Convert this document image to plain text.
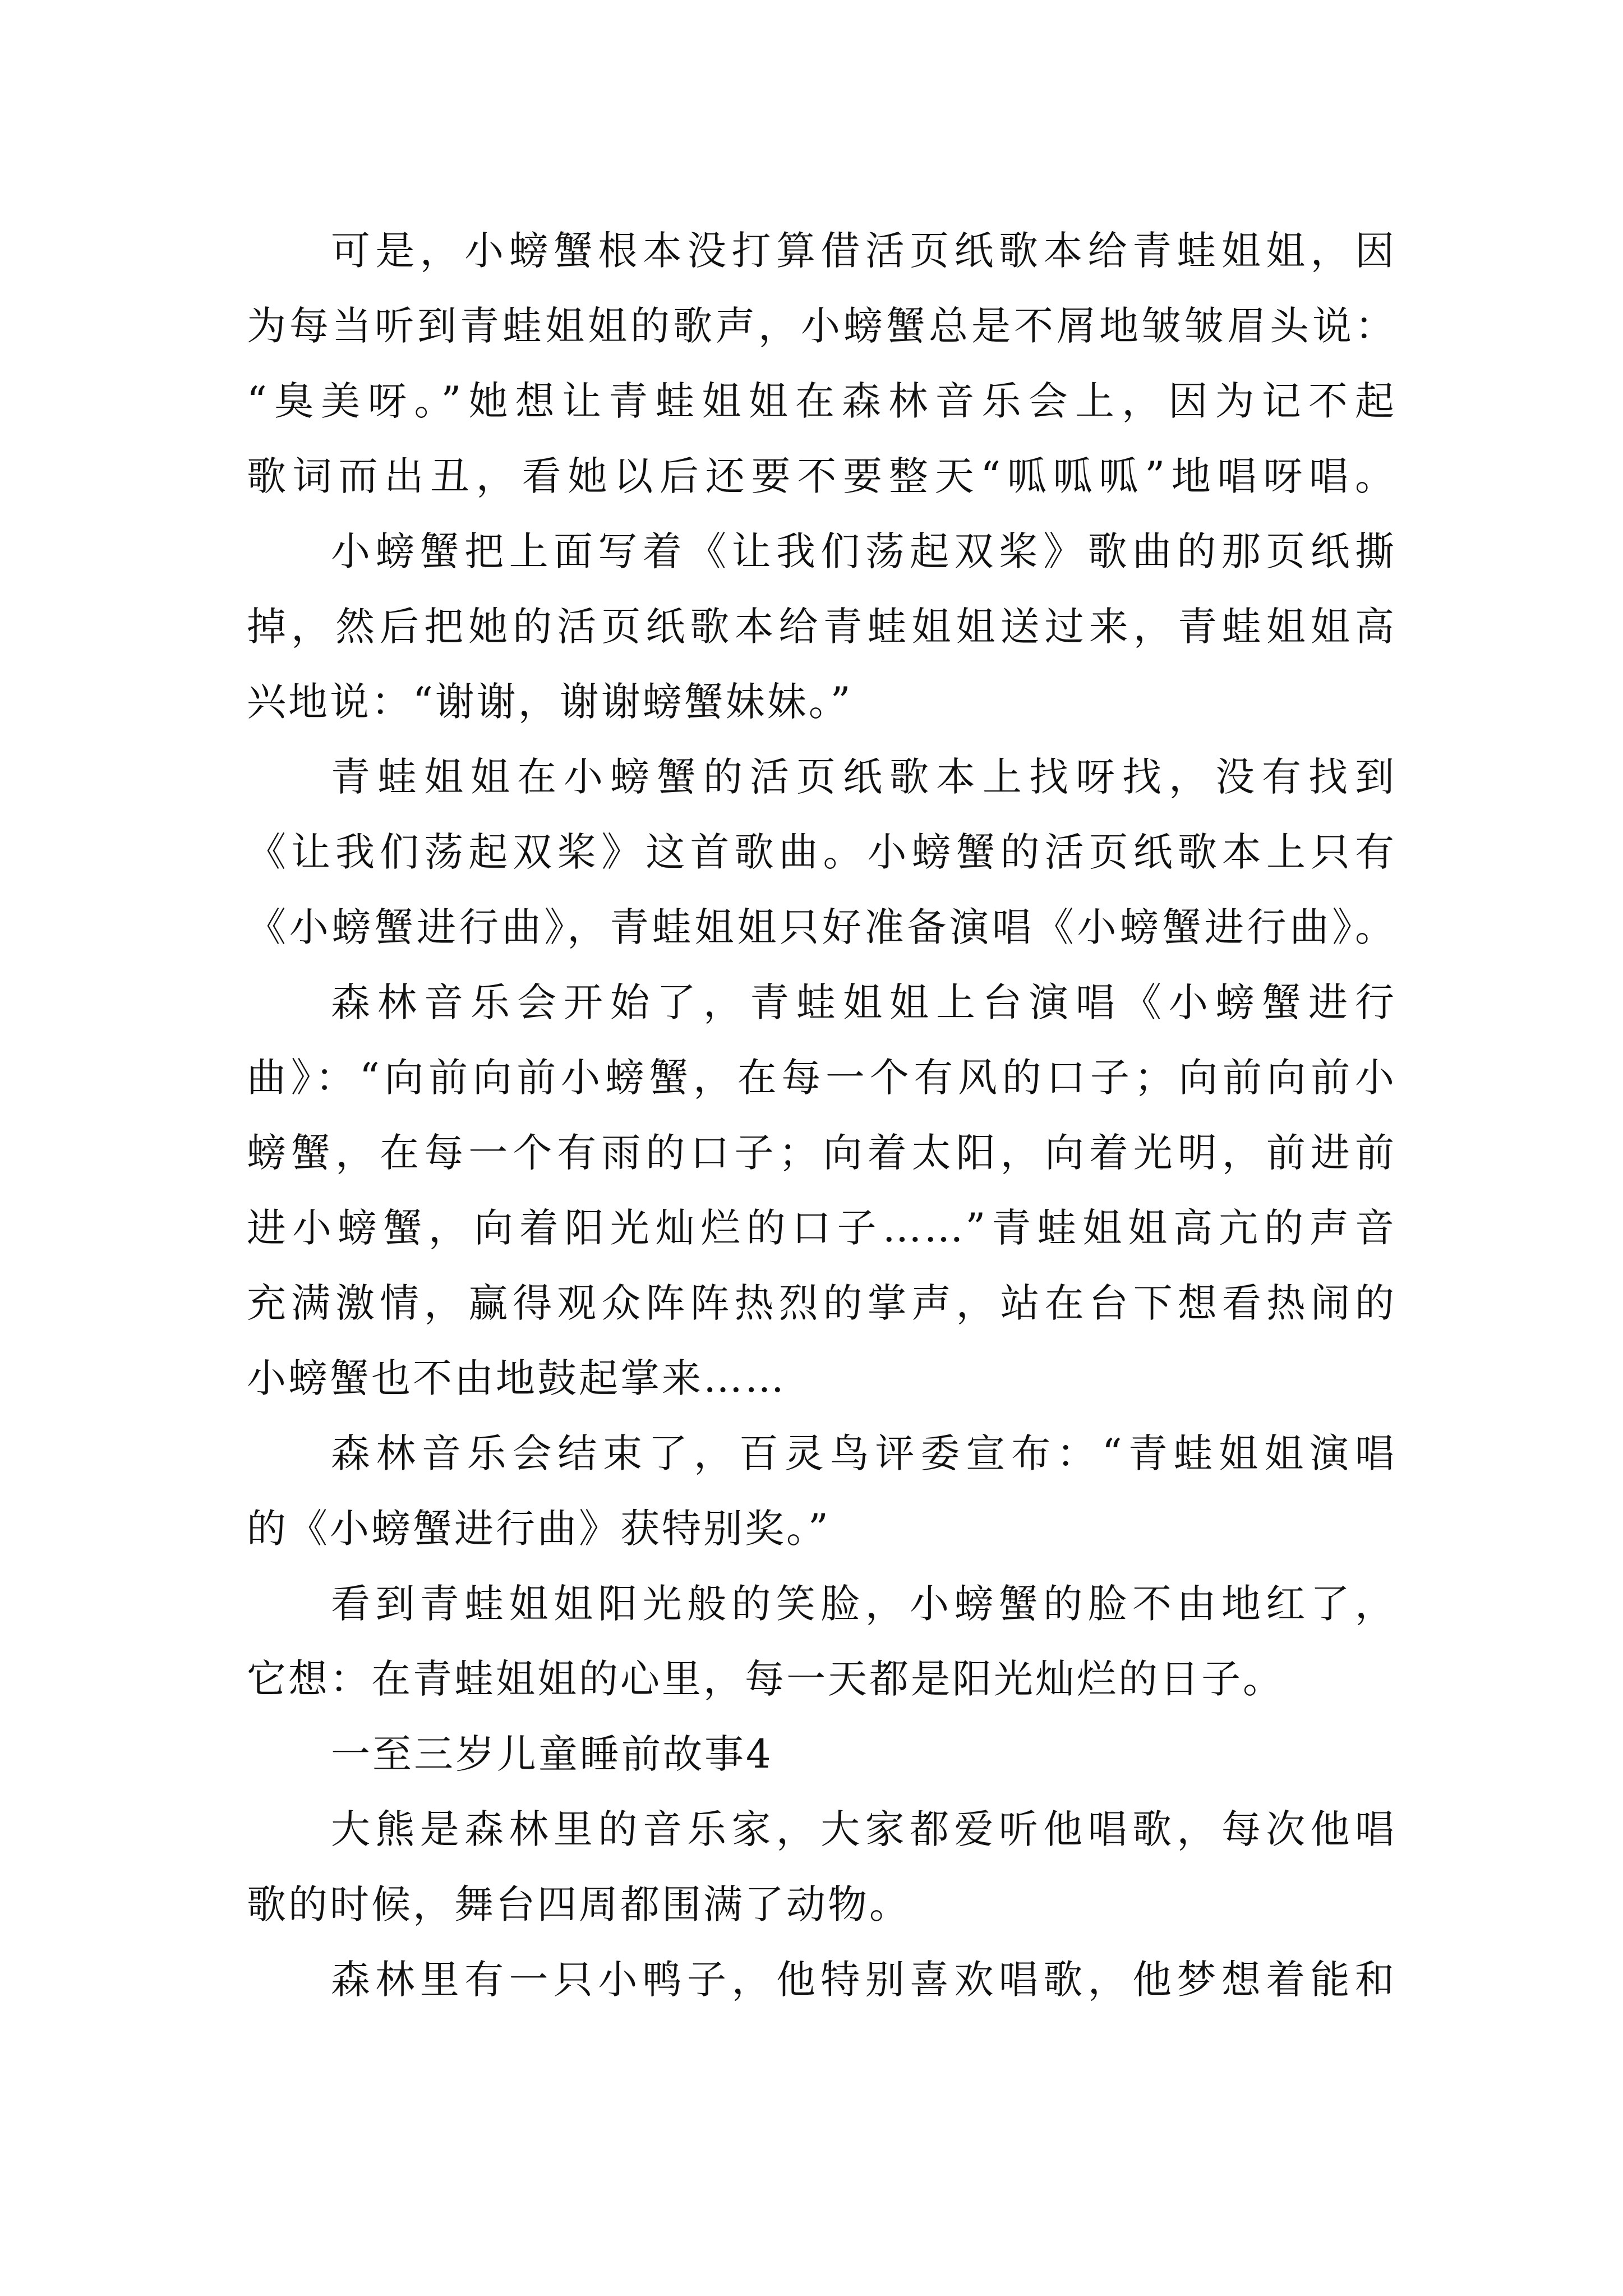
可是，小螃蟹根本没打算借活页纸歌本给青蛙姐姐，因
为每当听到青蛙姐姐的歌声，小螃蟹总是不屑地皱皱眉头说：
“臭美呀。”她想让青蛙姐姐在森林音乐会上，因为记不起
歌词而出丑，看她以后还要不要整天“呱呱呱”地唱呀唱。
小螃蟹把上面写着《让我们荡起双桨》歌曲的那页纸撕
掉，然后把她的活页纸歌本给青蛙姐姐送过来，青蛙姐姐高
兴地说：“谢谢，谢谢螃蟹妹妹。”
青蛙姐姐在小螃蟹的活页纸歌本上找呀找，没有找到
《让我们荡起双桨》这首歌曲。小螃蟹的活页纸歌本上只有
《小螃蟹进行曲》，青蛙姐姐只好准备演唱《小螃蟹进行曲》。
森林音乐会开始了，青蛙姐姐上台演唱《小螃蟹进行
曲》：“向前向前小螃蟹，在每一个有风的口子；向前向前小
螃蟹，在每一个有雨的口子；向着太阳，向着光明，前进前
进小螃蟹，向着阳光灿烂的口子……”青蛙姐姐高亢的声音
充满激情，赢得观众阵阵热烈的掌声，站在台下想看热闹的
小螃蟹也不由地鼓起掌来……
森林音乐会结束了，百灵鸟评委宣布：“青蛙姐姐演唱
的《小螃蟹进行曲》获特别奖。”
看到青蛙姐姐阳光般的笑脸，小螃蟹的脸不由地红了，
它想：在青蛙姐姐的心里，每一天都是阳光灿烂的日子。
一至三岁儿童睡前故事4
大熊是森林里的音乐家，大家都爱听他唱歌，每次他唱
歌的时候，舞台四周都围满了动物。
森林里有一只小鸭子，他特别喜欢唱歌，他梦想着能和
